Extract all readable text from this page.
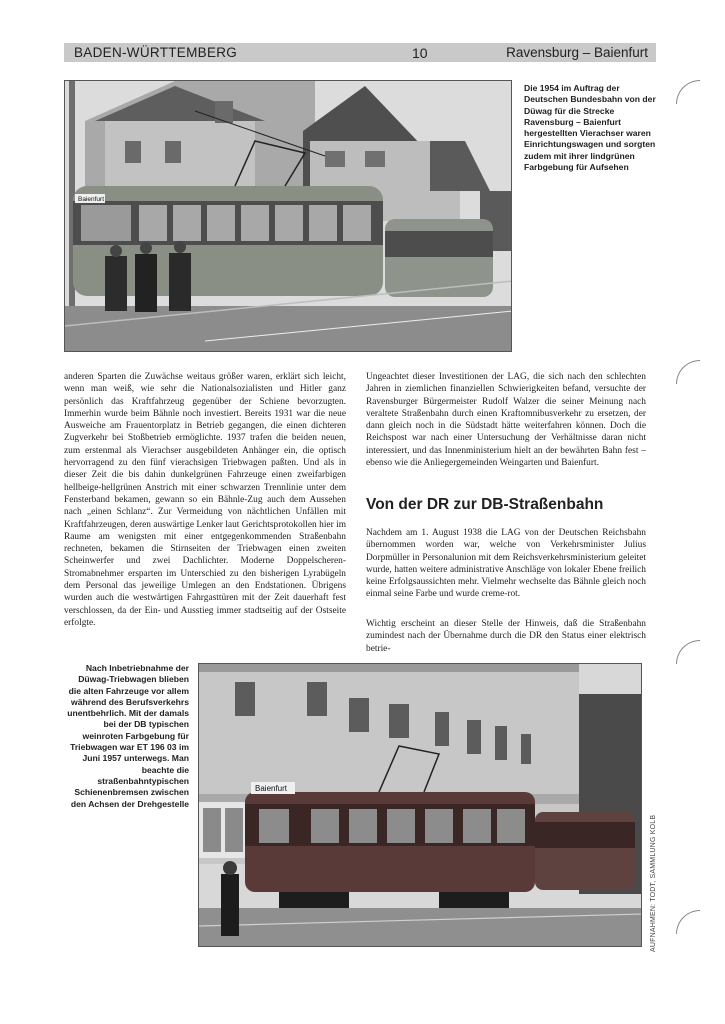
BADEN-WÜRTTEMBERG	10	Ravensburg – Baienfurt
Baienfurt
Die 1954 im Auftrag der Deutschen Bundesbahn von der Düwag für die Strecke Ravensburg – Baienfurt hergestellten Vierachser waren Einrichtungswagen und sorgten zudem mit ihrer lindgrünen Farbgebung für Aufsehen
anderen Sparten die Zuwächse weitaus größer waren, erklärt sich leicht, wenn man weiß, wie sehr die Nationalsozialisten und Hitler ganz persönlich das Kraftfahrzeug gegenüber der Schiene bevorzugten. Immerhin wurde beim Bähnle noch investiert. Bereits 1931 war die neue Ausweiche am Frauentorplatz in Betrieb gegangen, die einen dichteren Zugverkehr bei Stoßbetrieb ermöglichte. 1937 trafen die beiden neuen, zum erstenmal als Vierachser ausgebildeten Anhänger ein, die optisch hervorragend zu den fünf vierachsigen Triebwagen paßten. Und als in dieser Zeit die bis dahin dunkelgrünen Fahrzeuge einen zweifarbigen hellbeige-hellgrünen Anstrich mit einer schwarzen Trennlinie unter dem Fensterband bekamen, gewann so ein Bähnle-Zug auch dem Aussehen nach „einen Schlanz“. Zur Vermeidung von nächtlichen Unfällen mit Kraftfahrzeugen, deren auswärtige Lenker laut Gerichtsprotokollen hier im Raume am wenigsten mit einer entgegenkommenden Straßenbahn rechneten, bekamen die Stirnseiten der Triebwagen einen zweiten Scheinwerfer und zwei Dachlichter. Moderne Doppelscheren-Stromabnehmer ersparten im Unterschied zu den bisherigen Lyrabügeln dem Personal das jeweilige Umlegen an den Endstationen. Übrigens wurden auch die westwärtigen Fahrgasttüren mit der Zeit dauerhaft fest verschlossen, da der Ein- und Ausstieg immer stadtseitig auf der Ostseite erfolgte.
Ungeachtet dieser Investitionen der LAG, die sich nach den schlechten Jahren in ziemlichen finanziellen Schwierigkeiten befand, versuchte der Ravensburger Bürgermeister Rudolf Walzer die seiner Meinung nach veraltete Straßenbahn durch einen Kraftomnibusverkehr zu ersetzen, der dann gleich noch in die Südstadt hätte weiterfahren können. Doch die Reichspost war nach einer Untersuchung der Verhältnisse daran nicht interessiert, und das Innenministerium hielt an der bewährten Bahn fest – ebenso wie die Anliegergemeinden Weingarten und Baienfurt.
Von der DR zur DB-Straßenbahn
Nachdem am 1. August 1938 die LAG von der Deutschen Reichsbahn übernommen worden war, welche von Verkehrsminister Julius Dorpmüller in Personalunion mit dem Reichsverkehrsministerium geleitet wurde, hatten weitere administrative Anschläge von lokaler Ebene freilich keine Erfolgsaussichten mehr. Vielmehr wechselte das Bähnle gleich noch einmal seine Farbe und wurde creme-rot.
Wichtig erscheint an dieser Stelle der Hinweis, daß die Straßenbahn zumindest nach der Übernahme durch die DR den Status einer elektrisch betrie-
Nach Inbetriebnahme der Düwag-Triebwagen blieben die alten Fahrzeuge vor allem während des Berufsverkehrs unentbehrlich. Mit der damals bei der DB typischen weinroten Farbgebung für Triebwagen war ET 196 03 im Juni 1957 unterwegs. Man beachte die straßenbahntypischen Schienenbremsen zwischen den Achsen der Drehgestelle
Baienfurt
AUFNAHMEN: TODT, SAMMLUNG KOLB
